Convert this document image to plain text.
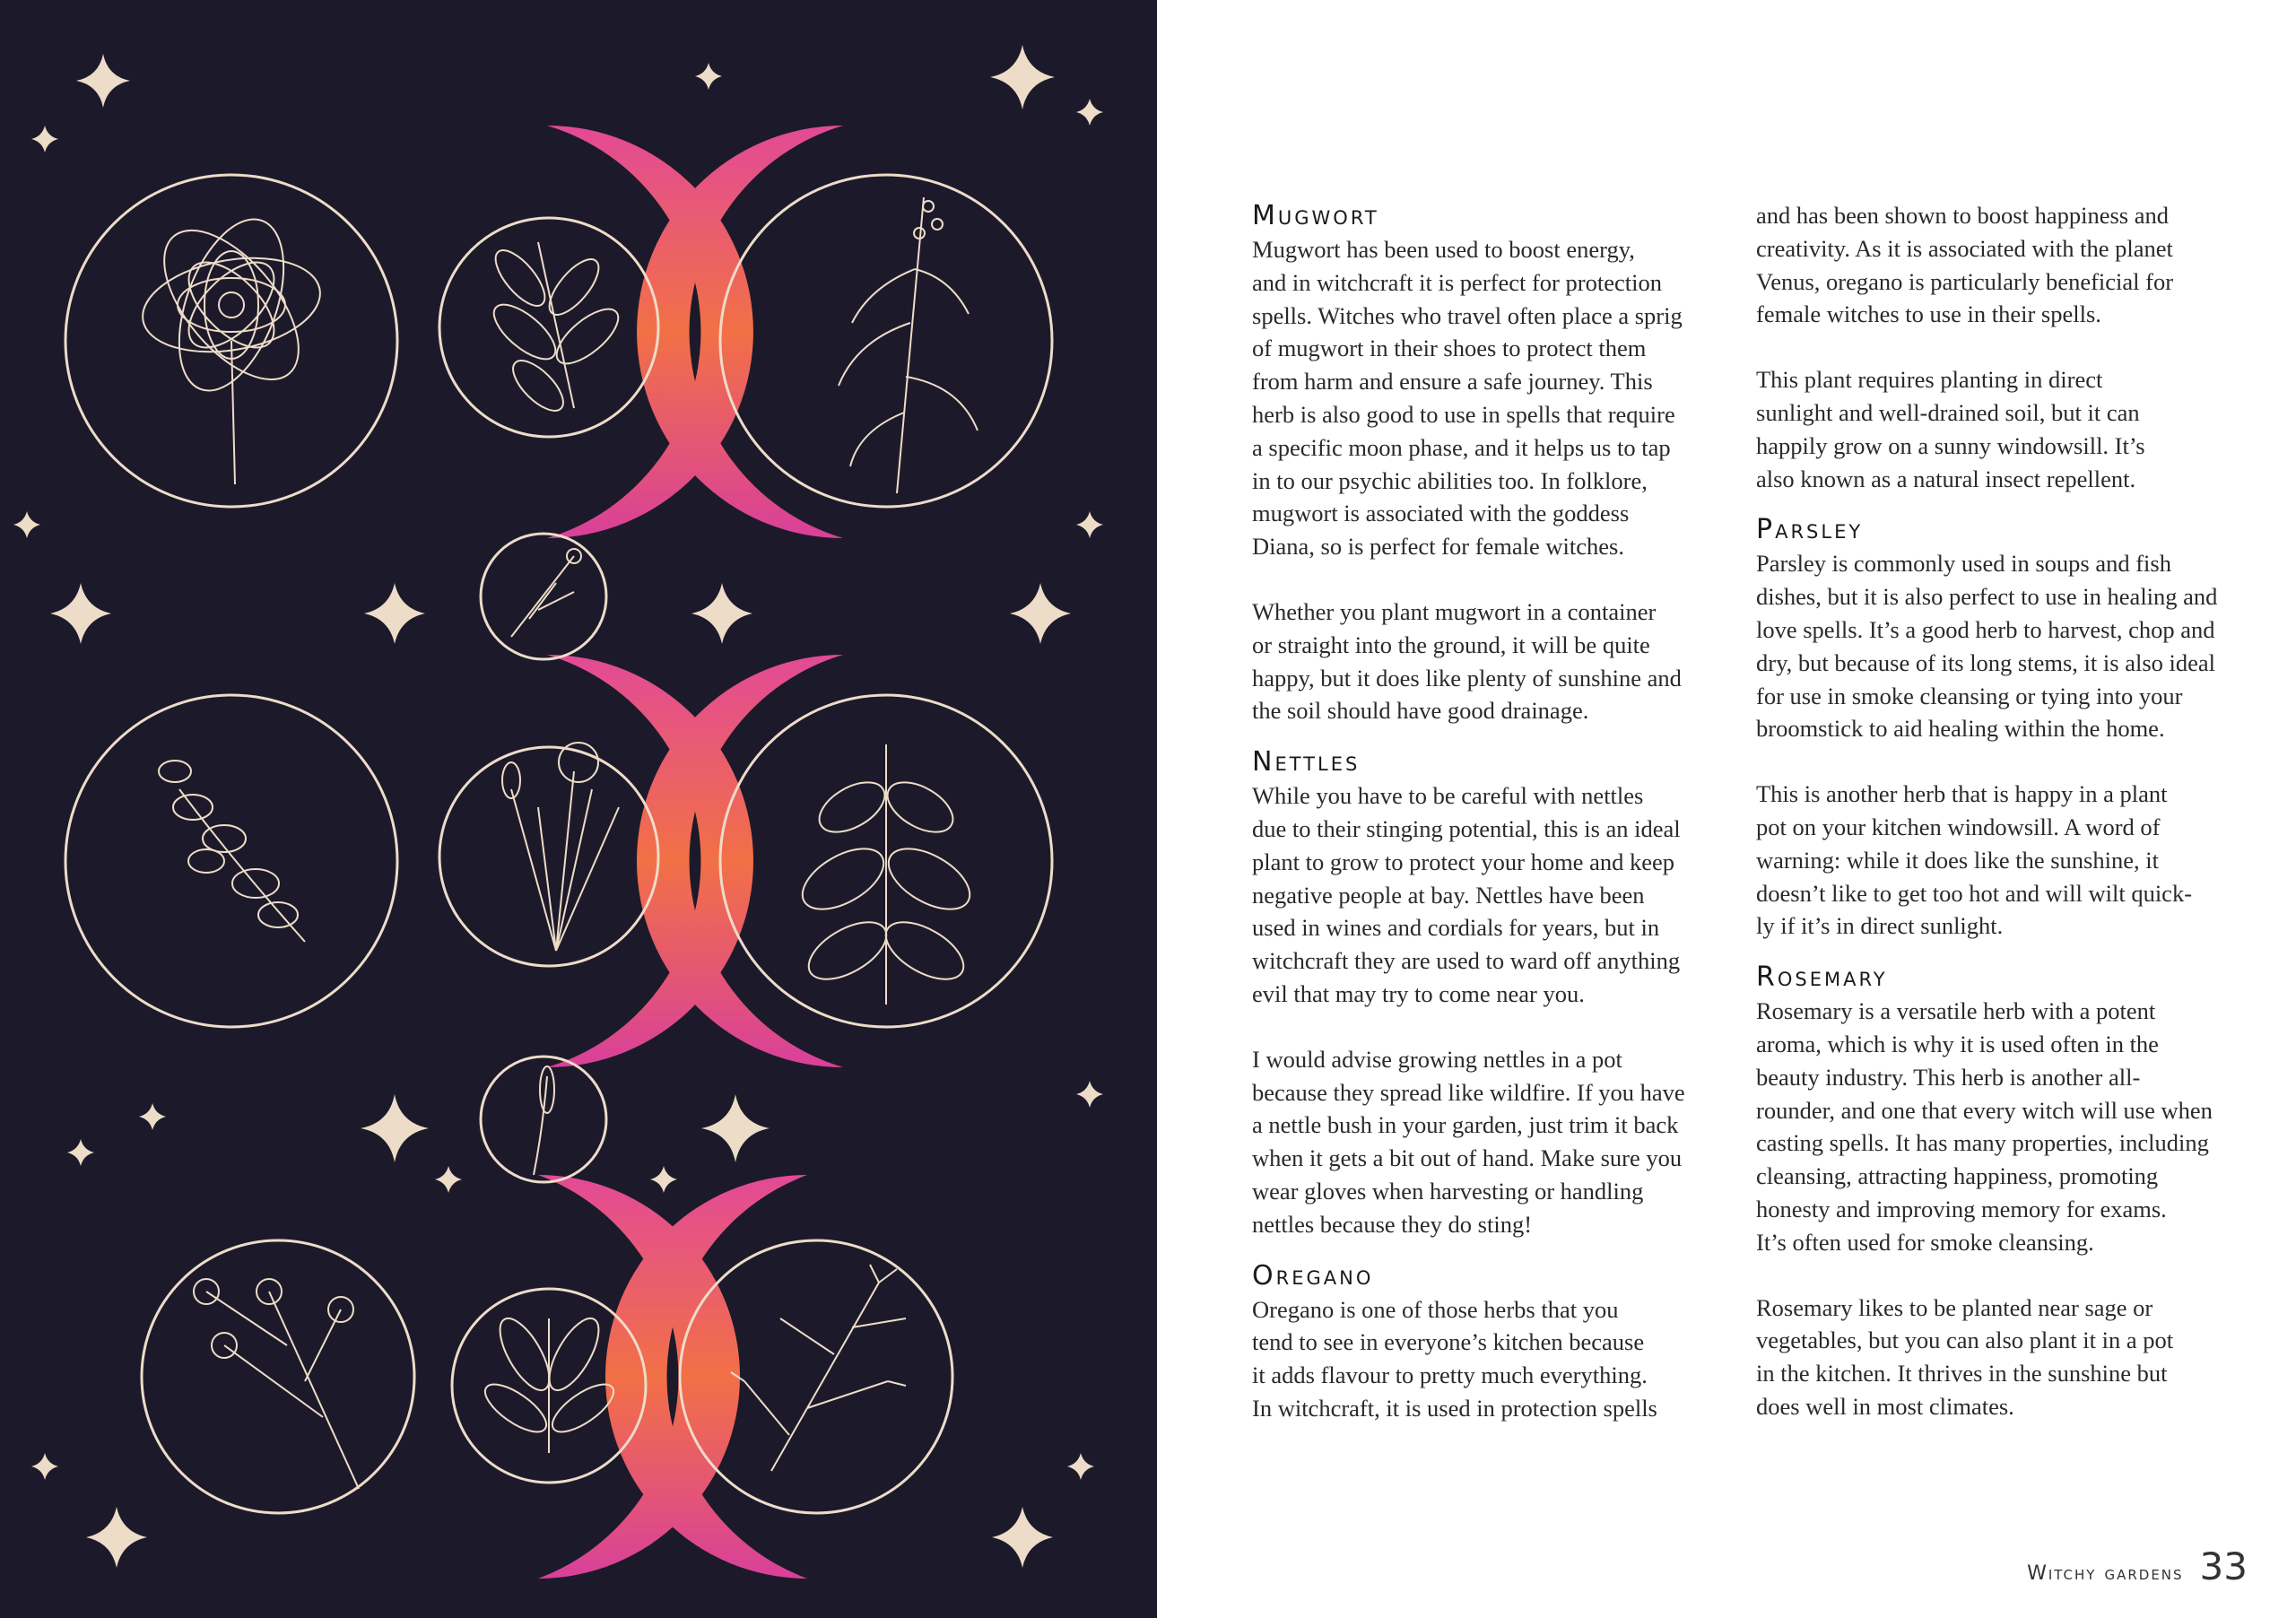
Mugwort

Mugwort has been used to boost energy,
and in witchcraft it is perfect for protection
spells. Witches who travel often place a sprig
of mugwort in their shoes to protect them
from harm and ensure a safe journey. This
herb is also good to use in spells that require
a specific moon phase, and it helps us to tap
in to our psychic abilities too. In folklore,
mugwort is associated with the goddess
Diana, so is perfect for female witches.

Whether you plant mugwort in a container
or straight into the ground, it will be quite
happy, but it does like plenty of sunshine and
the soil should have good drainage.

Nettles

While you have to be careful with nettles
due to their stinging potential, this is an ideal
plant to grow to protect your home and keep
negative people at bay. Nettles have been
used in wines and cordials for years, but in
witchcraft they are used to ward off anything
evil that may try to come near you.

I would advise growing nettles in a pot
because they spread like wildfire. If you have
a nettle bush in your garden, just trim it back
when it gets a bit out of hand. Make sure you
wear gloves when harvesting or handling
nettles because they do sting!

Oregano

Oregano is one of those herbs that you
tend to see in everyone’s kitchen because
it adds flavour to pretty much everything.
In witchcraft, it is used in protection spells

and has been shown to boost happiness and
creativity. As it is associated with the planet
Venus, oregano is particularly beneficial for
female witches to use in their spells.

This plant requires planting in direct
sunlight and well-drained soil, but it can
happily grow on a sunny windowsill. It’s
also known as a natural insect repellent.

Parsley

Parsley is commonly used in soups and fish
dishes, but it is also perfect to use in healing and
love spells. It’s a good herb to harvest, chop and
dry, but because of its long stems, it is also ideal
for use in smoke cleansing or tying into your
broomstick to aid healing within the home.

This is another herb that is happy in a plant
pot on your kitchen windowsill. A word of
warning: while it does like the sunshine, it
doesn’t like to get too hot and will wilt quick-
ly if it’s in direct sunlight.

Rosemary

Rosemary is a versatile herb with a potent
aroma, which is why it is used often in the
beauty industry. This herb is another all-
rounder, and one that every witch will use when
casting spells. It has many properties, including
cleansing, attracting happiness, promoting
honesty and improving memory for exams.
It’s often used for smoke cleansing.

Rosemary likes to be planted near sage or
vegetables, but you can also plant it in a pot
in the kitchen. It thrives in the sunshine but
does well in most climates.

Witchy gardens 33
